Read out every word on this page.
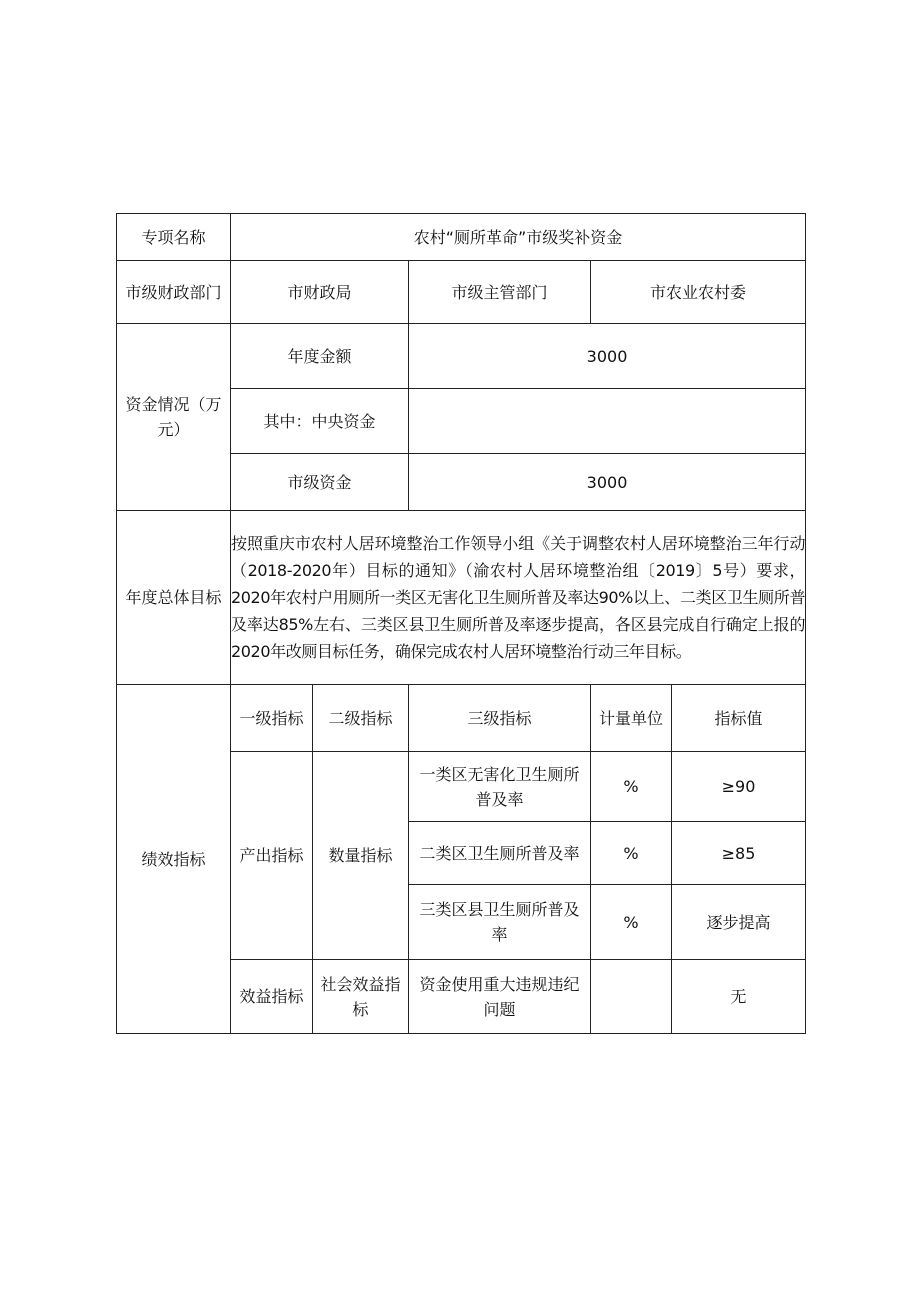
专项名称	农村“厕所革命”市级奖补资金				
市级财政部门	市财政局		市级主管部门	市农业农村委	
资金情况（万元）	年度金额		3000		
	其中：中央资金				
	市级资金		3000		
年度总体目标	按照重庆市农村人居环境整治工作领导小组《关于调整农村人居环境整治三年行动（2018-2020年）目标的通知》（渝农村人居环境整治组〔2019〕5号）要求，2020年农村户用厕所一类区无害化卫生厕所普及率达90%以上、二类区卫生厕所普及率达85%左右、三类区县卫生厕所普及率逐步提高，各区县完成自行确定上报的2020年改厕目标任务，确保完成农村人居环境整治行动三年目标。				
绩效指标	一级指标	二级指标	三级指标	计量单位	指标值
	产出指标	数量指标	一类区无害化卫生厕所普及率	%	≥90
			二类区卫生厕所普及率	%	≥85
			三类区县卫生厕所普及率	%	逐步提高
	效益指标	社会效益指标	资金使用重大违规违纪问题		无
